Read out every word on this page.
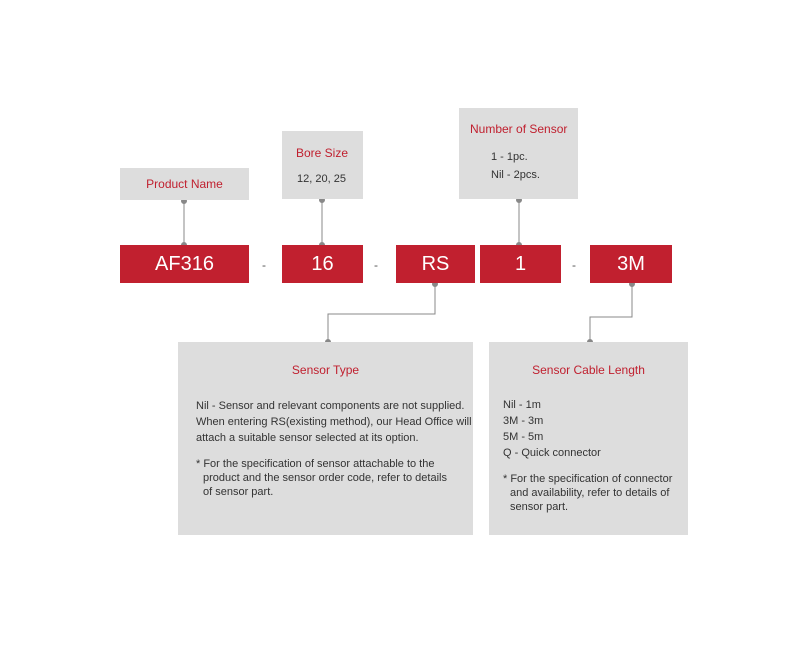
Product Name
Bore Size
12, 20, 25
Number of Sensor
1 - 1pc.
Nil - 2pcs.
AF316	-	16	-	RS	1	-	3M
Sensor Type
Nil - Sensor and relevant components are not supplied.
When entering RS(existing method), our Head Office will
attach a suitable sensor selected at its option.
* For the specification of sensor attachable to the
product and the sensor order code, refer to details
of sensor part.
Sensor Cable Length
Nil - 1m
3M - 3m
5M - 5m
Q - Quick connector
* For the specification of connector
and availability, refer to details of
sensor part.
